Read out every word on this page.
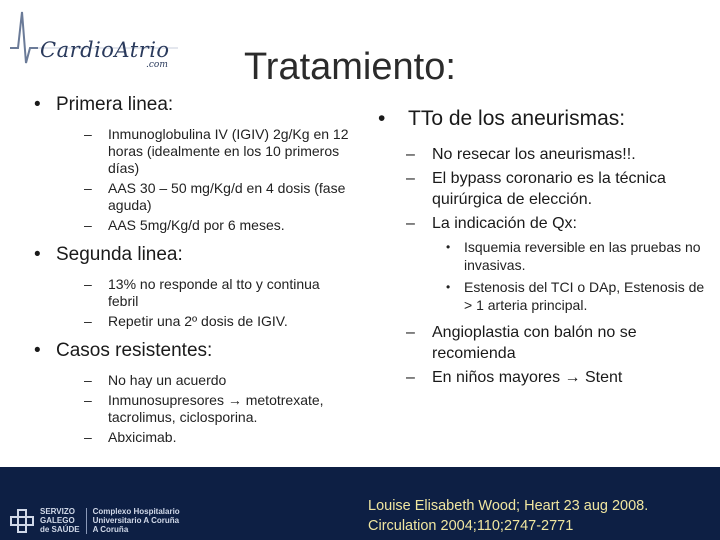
CardioAtrio
.com Tratamiento:
• Primera linea:
– Inmunoglobulina IV (IGIV) 2g/Kg en 12 horas (idealmente en los 10 primeros días)
– AAS 30 – 50 mg/Kg/d en 4 dosis (fase aguda)
– AAS 5mg/Kg/d por 6 meses.
• Segunda linea:
– 13% no responde al tto y continua febril
– Repetir una 2º dosis de IGIV.
• Casos resistentes:
– No hay un acuerdo
– Inmunosupresores → metotrexate, tacrolimus, ciclosporina.
– Abxicimab.
• TTo de los aneurismas:
– No resecar los aneurismas!!.
– El bypass coronario es la técnica quirúrgica de elección.
– La indicación de Qx:
• Isquemia reversible en las pruebas no invasivas.
• Estenosis del TCI o DAp, Estenosis de > 1 arteria principal.
– Angioplastia con balón no se recomienda
– En niños mayores → Stent
SERVIZO
GALEGO
de SAÚDE
Complexo Hospitalario
Universitario A Coruña
A Coruña
Louise Elisabeth Wood; Heart 23 aug 2008.
Circulation 2004;110;2747-2771
